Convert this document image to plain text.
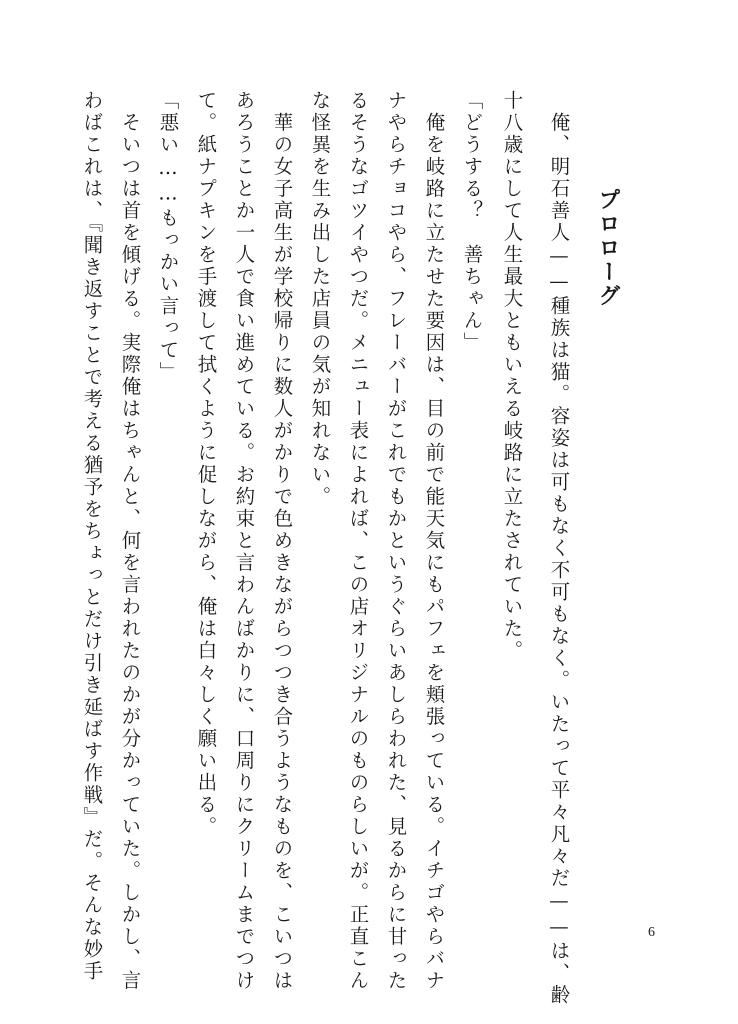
プロローグ

　俺、明石善人——種族は猫。容姿は可もなく不可もなく。いたって平々凡々だ——は、齢

十八歳にして人生最大ともいえる岐路に立たされていた。

「どうする？　善ちゃん」

　俺を岐路に立たせた要因は、目の前で能天気にもパフェを頬張っている。イチゴやらバナ

ナやらチョコやら、フレーバーがこれでもかというぐらいあしらわれた、見るからに甘った

るそうなゴツイやつだ。メニュー表によれば、この店オリジナルのものらしいが。正直こん

な怪異を生み出した店員の気が知れない。

　華の女子高生が学校帰りに数人がかりで色めきながらつつき合うようなものを、こいつは

あろうことか一人で食い進めている。お約束と言わんばかりに、口周りにクリームまでつけ

て。紙ナプキンを手渡して拭くように促しながら、俺は白々しく願い出る。

「悪い……もっかい言って」

　そいつは首を傾げる。実際俺はちゃんと、何を言われたのかが分かっていた。しかし、言

わばこれは、『聞き返すことで考える猶予をちょっとだけ引き延ばす作戦』だ。そんな妙手	6
